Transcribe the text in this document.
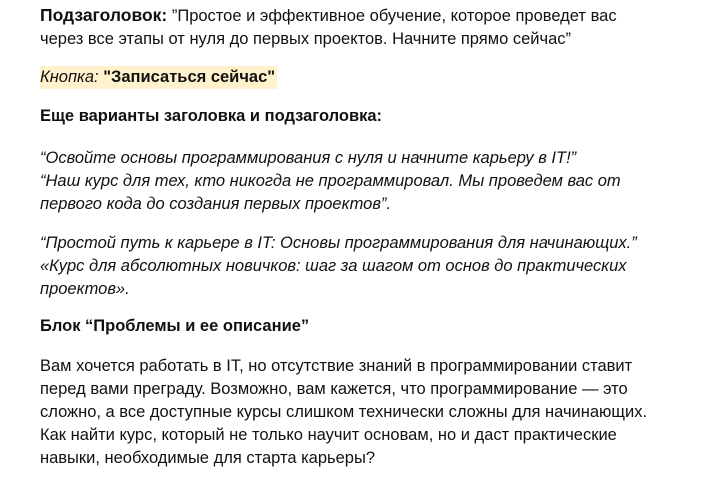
Подзаголовок: ”Простое и эффективное обучение, которое проведет вас
через все этапы от нуля до первых проектов. Начните прямо сейчас”
Кнопка: "Записаться сейчас"
Еще варианты заголовка и подзаголовка:

“Освойте основы программирования с нуля и начните карьеру в IT!”
“Наш курс для тех, кто никогда не программировал. Мы проведем вас от
первого кода до создания первых проектов”.

“Простой путь к карьере в IT: Основы программирования для начинающих.”
«Курс для абсолютных новичков: шаг за шагом от основ до практических
проектов».

Блок “Проблемы и ее описание”

Вам хочется работать в IT, но отсутствие знаний в программировании ставит
перед вами преграду. Возможно, вам кажется, что программирование — это
сложно, а все доступные курсы слишком технически сложны для начинающих.
Как найти курс, который не только научит основам, но и даст практические
навыки, необходимые для старта карьеры?
